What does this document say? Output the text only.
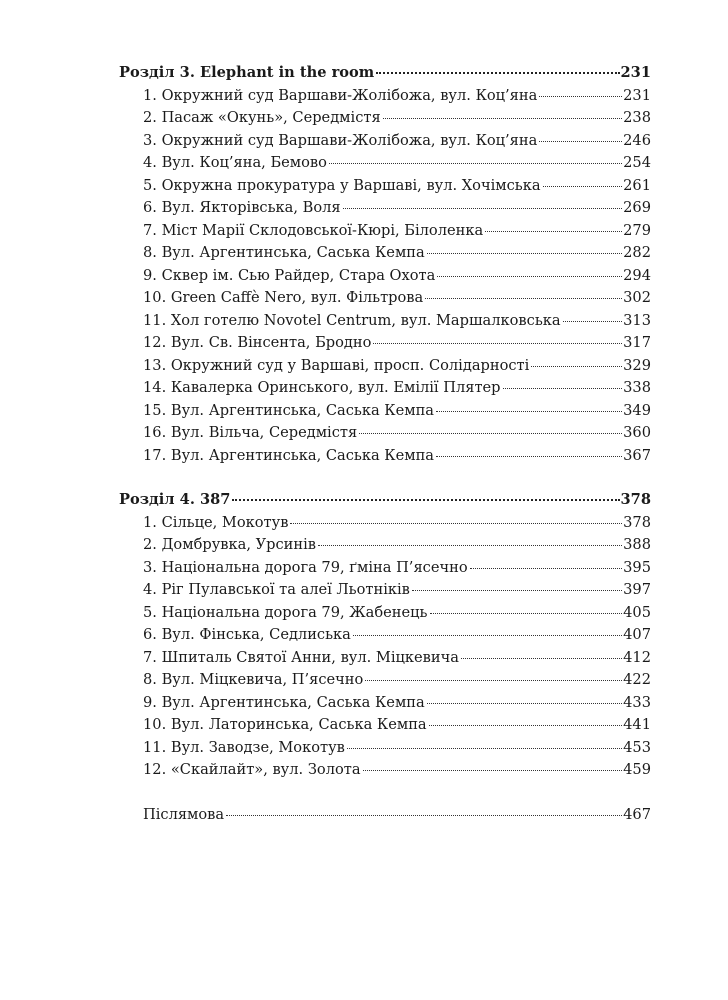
Розділ 3. Elephant in the room	231
1. Окружний суд Варшави-Жолібожа, вул. Коц’яна	231
2. Пасаж «Окунь», Середмістя	238
3. Окружний суд Варшави-Жолібожа, вул. Коц’яна	246
4. Вул. Коц’яна, Бемово	254
5. Окружна прокуратура у Варшаві, вул. Хочімська	261
6. Вул. Якторівська, Воля	269
7. Міст Марії Склодовської-Кюрі, Білоленка	279
8. Вул. Аргентинська, Саська Кемпа	282
9. Сквер ім. Сью Райдер, Стара Охота	294
10. Green Caffè Nero, вул. Фільтрова	302
11. Хол готелю Novotel Centrum, вул. Маршалковська	313
12. Вул. Св. Вінсента, Бродно	317
13. Окружний суд у Варшаві, просп. Солідарності	329
14. Кавалерка Оринського, вул. Емілії Плятер	338
15. Вул. Аргентинська, Саська Кемпа	349
16. Вул. Вільча, Середмістя	360
17. Вул. Аргентинська, Саська Кемпа	367
Розділ 4. 387	378
1. Сільце, Мокотув	378
2. Домбрувка, Урсинів	388
3. Національна дорога 79, ґміна П’ясечно	395
4. Ріг Пулавської та алеї Льотніків	397
5. Національна дорога 79, Жабенець	405
6. Вул. Фінська, Седлиська	407
7. Шпиталь Святої Анни, вул. Міцкевича	412
8. Вул. Міцкевича, П’ясечно	422
9. Вул. Аргентинська, Саська Кемпа	433
10. Вул. Латоринська, Саська Кемпа	441
11. Вул. Заводзе, Мокотув	453
12. «Скайлайт», вул. Золота	459
Післямова	467
